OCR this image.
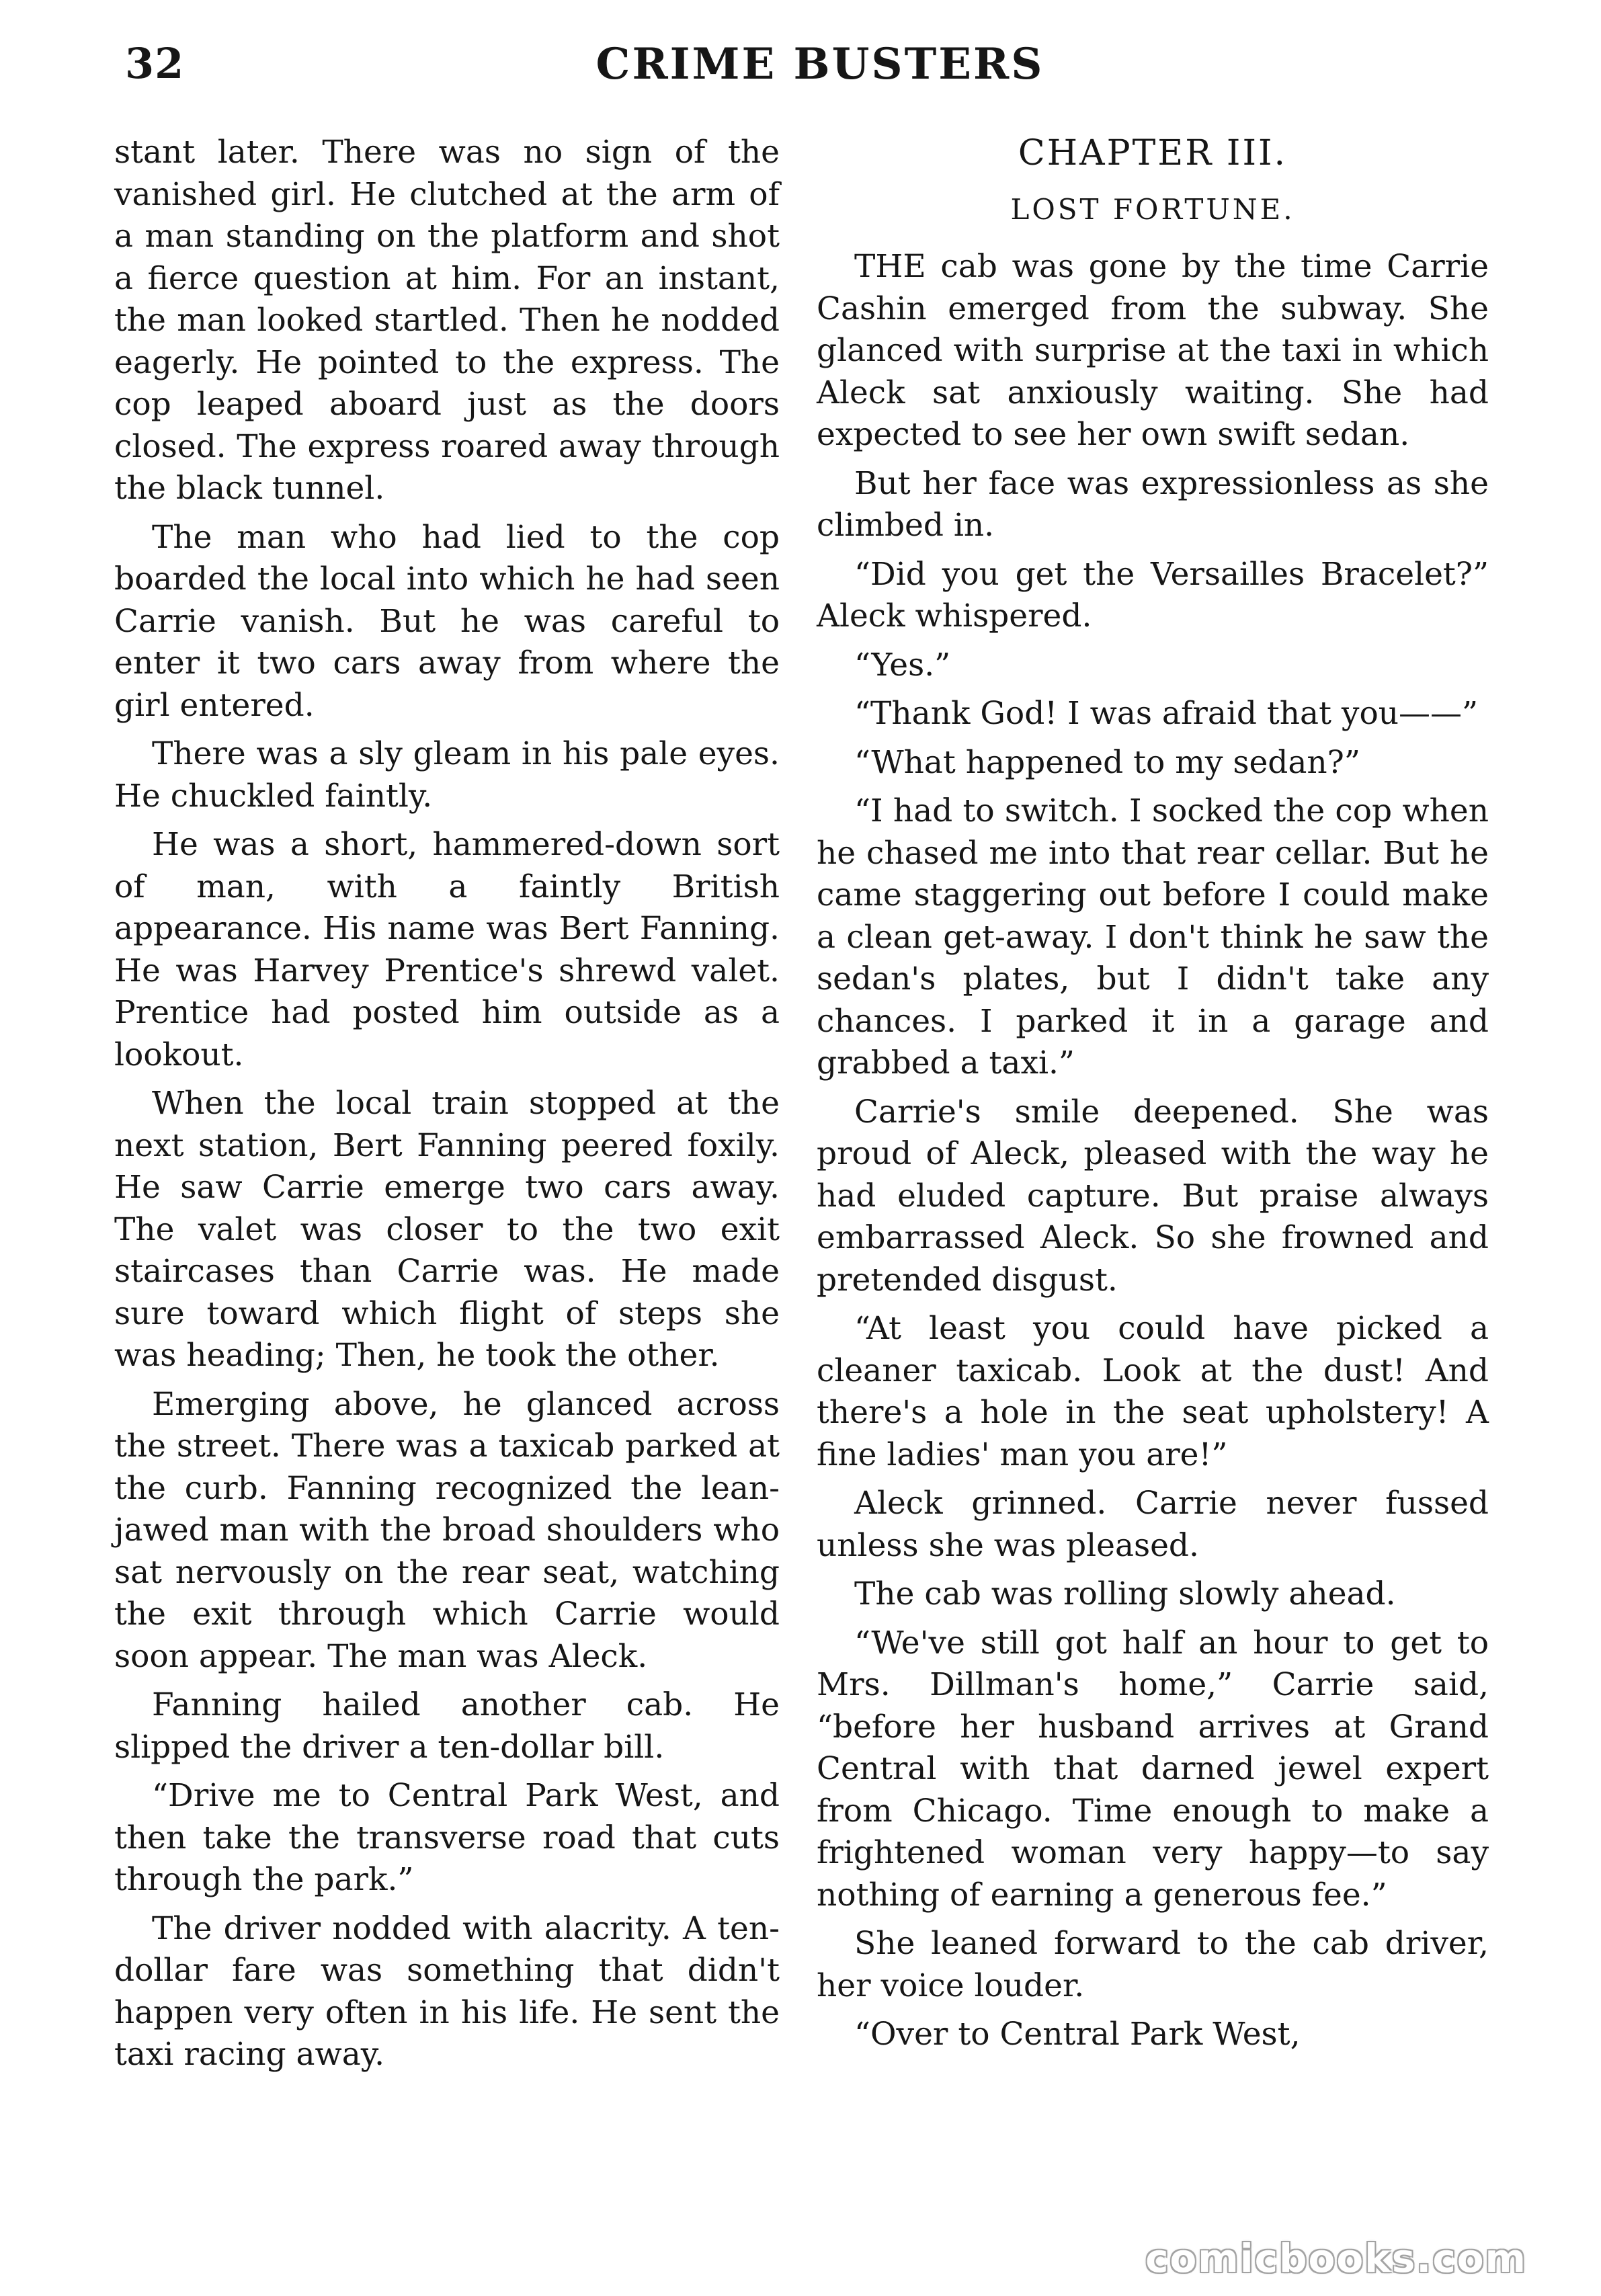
32	CRIME BUSTERS

stant later. There was no sign of the vanished girl. He clutched at the arm of a man standing on the platform and shot a fierce question at him. For an instant, the man looked startled. Then he nodded eagerly. He pointed to the express. The cop leaped aboard just as the doors closed. The express roared away through the black tunnel.

The man who had lied to the cop boarded the local into which he had seen Carrie vanish. But he was careful to enter it two cars away from where the girl entered.

There was a sly gleam in his pale eyes. He chuckled faintly.

He was a short, hammered-down sort of man, with a faintly British appearance. His name was Bert Fanning. He was Harvey Prentice's shrewd valet. Prentice had posted him outside as a lookout.

When the local train stopped at the next station, Bert Fanning peered foxily. He saw Carrie emerge two cars away. The valet was closer to the two exit staircases than Carrie was. He made sure toward which flight of steps she was heading; Then, he took the other.

Emerging above, he glanced across the street. There was a taxicab parked at the curb. Fanning recognized the lean-jawed man with the broad shoulders who sat nervously on the rear seat, watching the exit through which Carrie would soon appear. The man was Aleck.

Fanning hailed another cab. He slipped the driver a ten-dollar bill.

“Drive me to Central Park West, and then take the transverse road that cuts through the park.”

The driver nodded with alacrity. A ten-dollar fare was something that didn't happen very often in his life. He sent the taxi racing away.

CHAPTER III.
LOST FORTUNE.

THE cab was gone by the time Carrie Cashin emerged from the subway. She glanced with surprise at the taxi in which Aleck sat anxiously waiting. She had expected to see her own swift sedan.

But her face was expressionless as she climbed in.

“Did you get the Versailles Bracelet?” Aleck whispered.

“Yes.”

“Thank God! I was afraid that you——”

“What happened to my sedan?”

“I had to switch. I socked the cop when he chased me into that rear cellar. But he came staggering out before I could make a clean get-away. I don't think he saw the sedan's plates, but I didn't take any chances. I parked it in a garage and grabbed a taxi.”

Carrie's smile deepened. She was proud of Aleck, pleased with the way he had eluded capture. But praise always embarrassed Aleck. So she frowned and pretended disgust.

“At least you could have picked a cleaner taxicab. Look at the dust! And there's a hole in the seat upholstery! A fine ladies' man you are!”

Aleck grinned. Carrie never fussed unless she was pleased.

The cab was rolling slowly ahead.

“We've still got half an hour to get to Mrs. Dillman's home,” Carrie said, “before her husband arrives at Grand Central with that darned jewel expert from Chicago. Time enough to make a frightened woman very happy—to say nothing of earning a generous fee.”

She leaned forward to the cab driver, her voice louder.

“Over to Central Park West,

comicbooks.com
